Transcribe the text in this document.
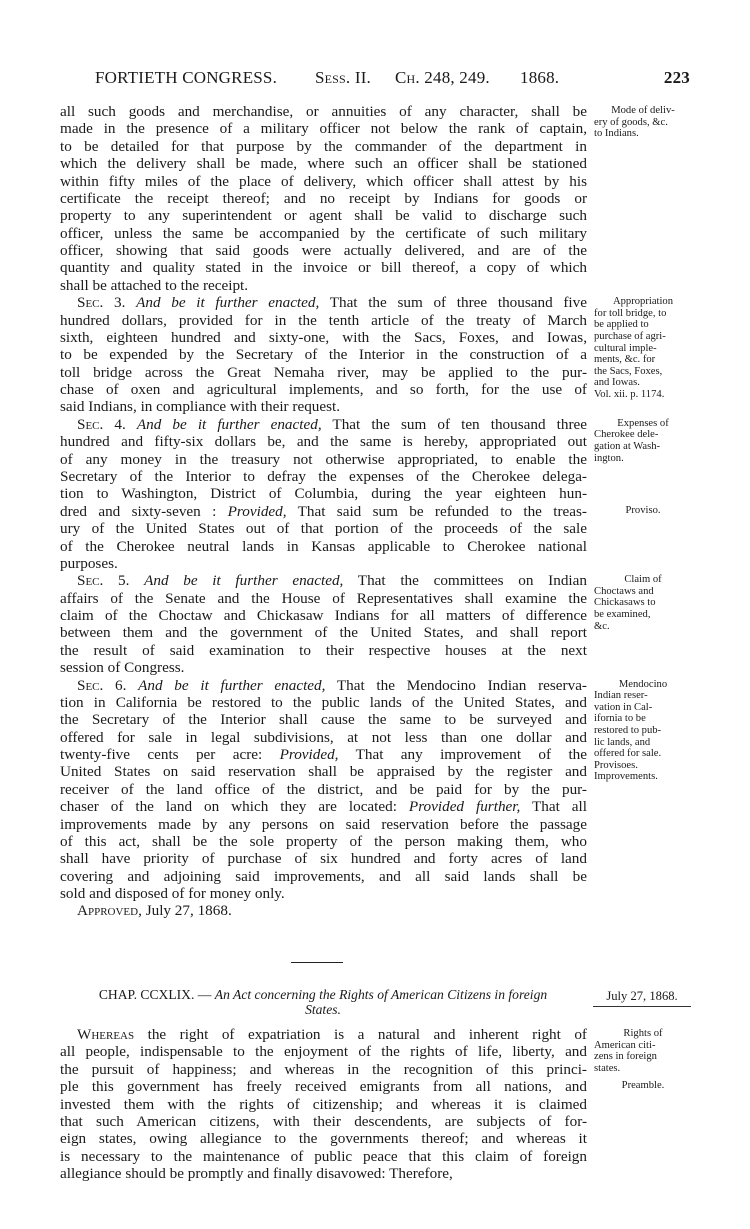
FORTIETH CONGRESS. Sess. II. Ch. 248, 249. 1868.	223
all such goods and merchandise, or annuities of any character, shall be
made in the presence of a military officer not below the rank of captain,
to be detailed for that purpose by the commander of the department in
which the delivery shall be made, where such an officer shall be stationed
within fifty miles of the place of delivery, which officer shall attest by his
certificate the receipt thereof; and no receipt by Indians for goods or
property to any superintendent or agent shall be valid to discharge such
officer, unless the same be accompanied by the certificate of such military
officer, showing that said goods were actually delivered, and are of the
quantity and quality stated in the invoice or bill thereof, a copy of which
shall be attached to the receipt.
Sec. 3. And be it further enacted, That the sum of three thousand five
hundred dollars, provided for in the tenth article of the treaty of March
sixth, eighteen hundred and sixty-one, with the Sacs, Foxes, and Iowas,
to be expended by the Secretary of the Interior in the construction of a
toll bridge across the Great Nemaha river, may be applied to the pur-
chase of oxen and agricultural implements, and so forth, for the use of
said Indians, in compliance with their request.
Sec. 4. And be it further enacted, That the sum of ten thousand three
hundred and fifty-six dollars be, and the same is hereby, appropriated out
of any money in the treasury not otherwise appropriated, to enable the
Secretary of the Interior to defray the expenses of the Cherokee delega-
tion to Washington, District of Columbia, during the year eighteen hun-
dred and sixty-seven : Provided, That said sum be refunded to the treas-
ury of the United States out of that portion of the proceeds of the sale
of the Cherokee neutral lands in Kansas applicable to Cherokee national
purposes.
Sec. 5. And be it further enacted, That the committees on Indian
affairs of the Senate and the House of Representatives shall examine the
claim of the Choctaw and Chickasaw Indians for all matters of difference
between them and the government of the United States, and shall report
the result of said examination to their respective houses at the next
session of Congress.
Sec. 6. And be it further enacted, That the Mendocino Indian reserva-
tion in California be restored to the public lands of the United States, and
the Secretary of the Interior shall cause the same to be surveyed and
offered for sale in legal subdivisions, at not less than one dollar and
twenty-five cents per acre: Provided, That any improvement of the
United States on said reservation shall be appraised by the register and
receiver of the land office of the district, and be paid for by the pur-
chaser of the land on which they are located: Provided further, That all
improvements made by any persons on said reservation before the passage
of this act, shall be the sole property of the person making them, who
shall have priority of purchase of six hundred and forty acres of land
covering and adjoining said improvements, and all said lands shall be
sold and disposed of for money only.
Approved, July 27, 1868.
Mode of deliv-
ery of goods, &c.
to Indians.
Appropriation
for toll bridge, to
be applied to
purchase of agri-
cultural imple-
ments, &c. for
the Sacs, Foxes,
and Iowas.
Vol. xii. p. 1174.
Expenses of
Cherokee dele-
gation at Wash-
ington.
Proviso.
Claim of
Choctaws and
Chickasaws to
be examined,
&c.
Mendocino
Indian reser-
vation in Cal-
ifornia to be
restored to pub-
lic lands, and
offered for sale.
Provisoes.
Improvements.
CHAP. CCXLIX. — An Act concerning the Rights of American Citizens in foreign
States.
July 27, 1868.
Whereas the right of expatriation is a natural and inherent right of
all people, indispensable to the enjoyment of the rights of life, liberty, and
the pursuit of happiness; and whereas in the recognition of this princi-
ple this government has freely received emigrants from all nations, and
invested them with the rights of citizenship; and whereas it is claimed
that such American citizens, with their descendents, are subjects of for-
eign states, owing allegiance to the governments thereof; and whereas it
is necessary to the maintenance of public peace that this claim of foreign
allegiance should be promptly and finally disavowed: Therefore,
Rights of
American citi-
zens in foreign
states.
Preamble.
